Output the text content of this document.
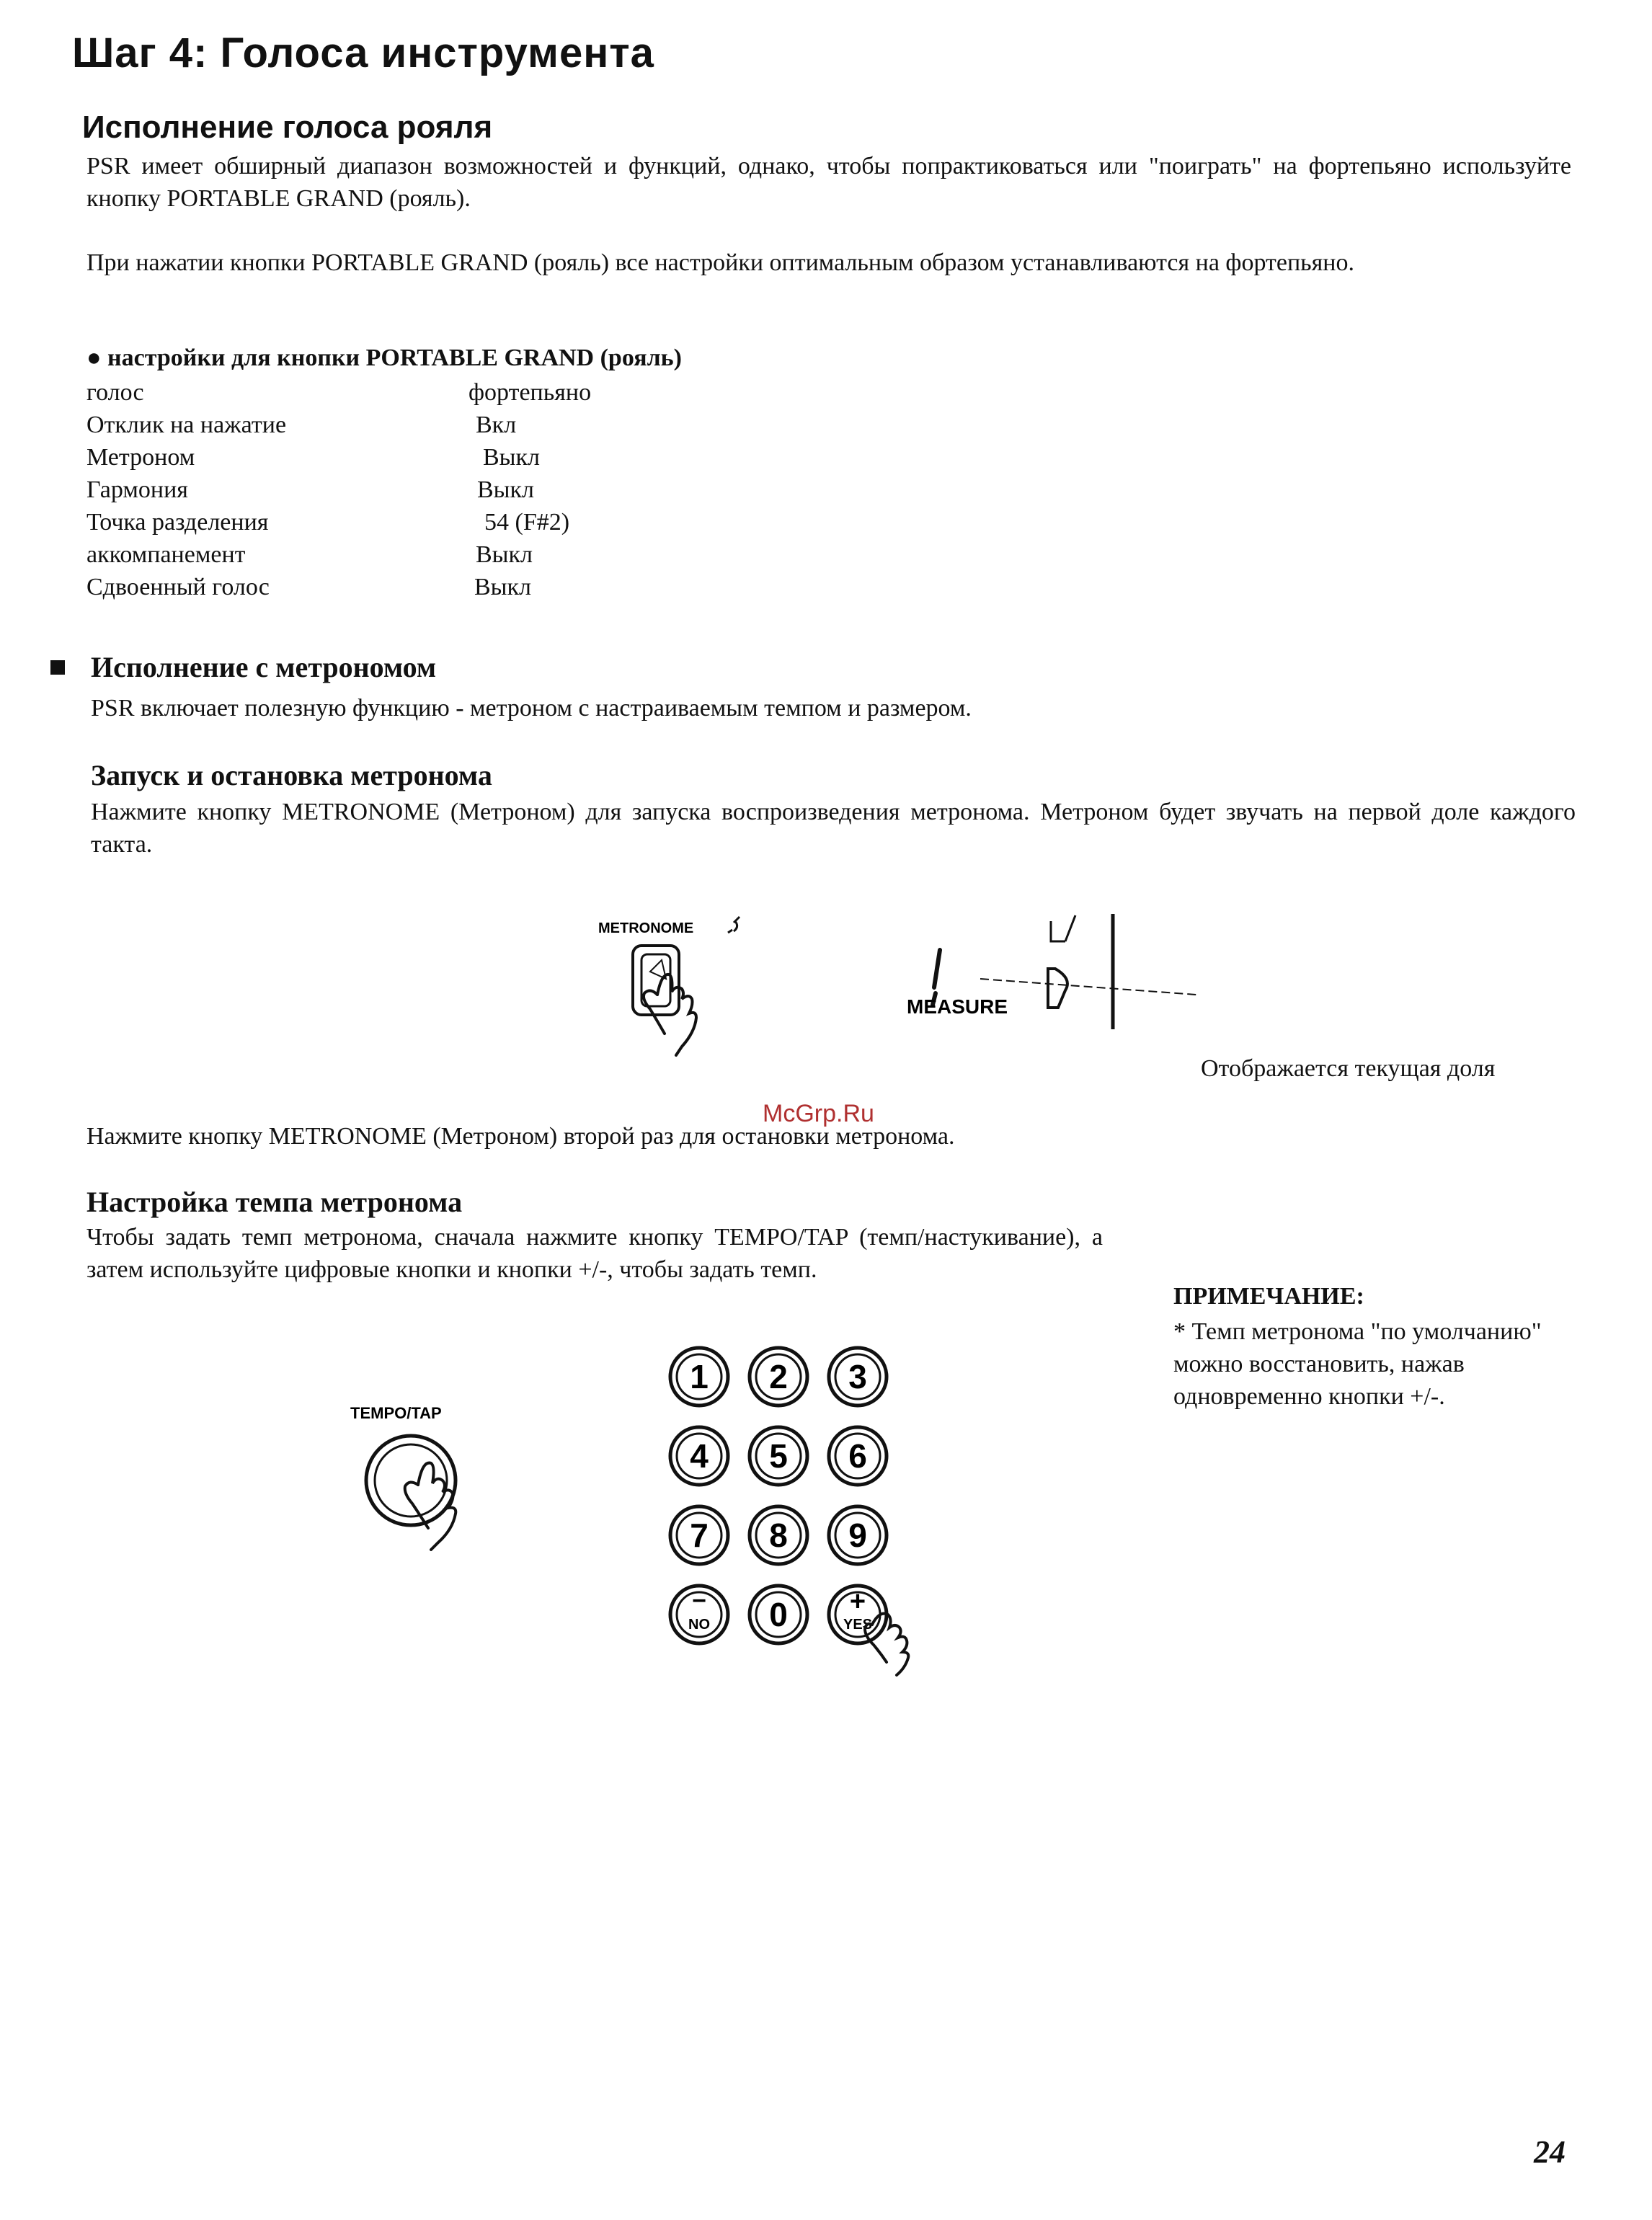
Шаг 4: Голоса инструмента
Исполнение голоса рояля
PSR имеет обширный диапазон возможностей и функций, однако, чтобы попрактиковаться или "поиграть" на фортепьяно используйте кнопку PORTABLE GRAND (рояль).
При нажатии кнопки PORTABLE GRAND (рояль) все настройки оптимальным образом устанавливаются на фортепьяно.
● настройки для кнопки PORTABLE GRAND (рояль)
голос	фортепьяно
Отклик на нажатие	Вкл
Метроном	Выкл
Гармония	Выкл
Точка разделения	54 (F#2)
аккомпанемент	Выкл
Сдвоенный голос	Выкл
Исполнение с метрономом
PSR включает полезную функцию - метроном с настраиваемым темпом и размером.
Запуск и остановка метронома
Нажмите кнопку METRONOME (Метроном) для запуска воспроизведения метронома. Метроном будет звучать на первой доле каждого такта.
METRONOME
MEASURE
Отображается текущая доля
McGrp.Ru
Нажмите кнопку METRONOME (Метроном) второй раз для остановки метронома.
Настройка темпа метронома
Чтобы задать темп метронома, сначала нажмите кнопку TEMPO/TAP (темп/настукивание), а затем используйте цифровые кнопки и кнопки +/-, чтобы задать темп.
ПРИМЕЧАНИЕ:
* Темп метронома "по умолчанию" можно восстановить, нажав одновременно кнопки +/-.
TEMPO/TAP
1 2 3
4 5 6
7 8 9
−
NO 0 +
YES
24
